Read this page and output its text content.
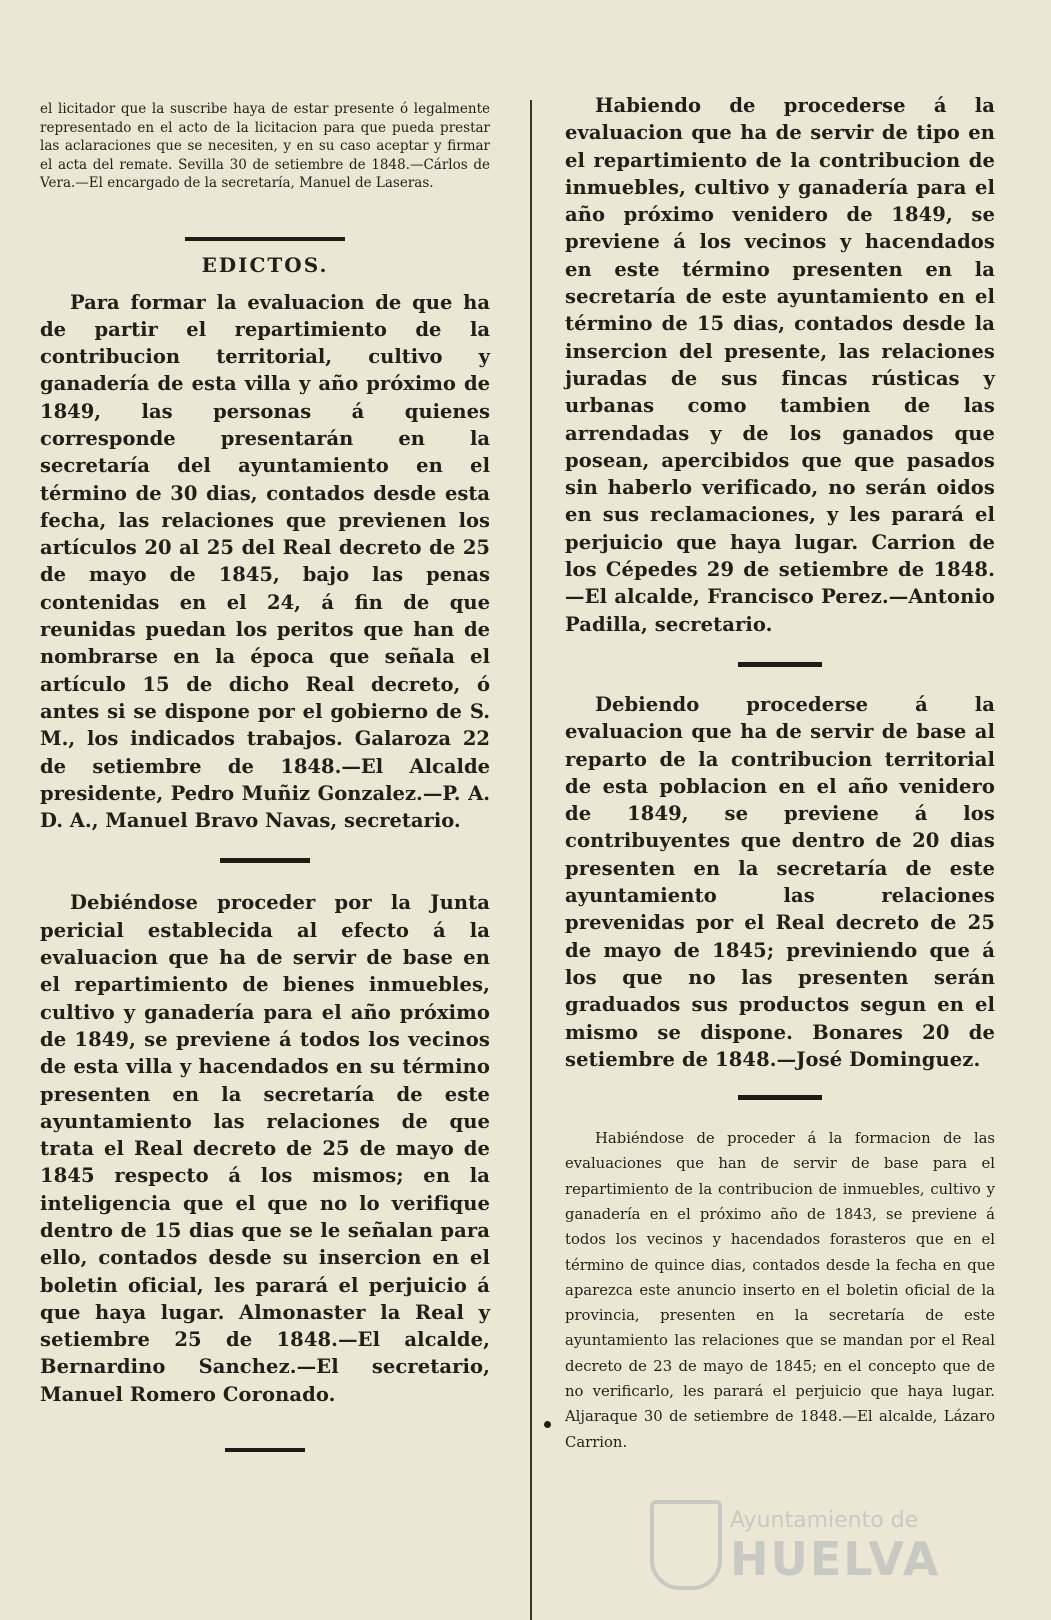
el licitador que la suscribe haya de estar presente ó legalmente representado en el acto de la licitacion para que pueda prestar las aclaraciones que se necesiten, y en su caso aceptar y firmar el acta del remate. Sevilla 30 de setiembre de 1848.—Cárlos de Vera.—El encargado de la secretaría, Manuel de Laseras.

EDICTOS.

Para formar la evaluacion de que ha de partir el repartimiento de la contribucion territorial, cultivo y ganadería de esta villa y año próximo de 1849, las personas á quienes corresponde presentarán en la secretaría del ayuntamiento en el término de 30 dias, contados desde esta fecha, las relaciones que previenen los artículos 20 al 25 del Real decreto de 25 de mayo de 1845, bajo las penas contenidas en el 24, á fin de que reunidas puedan los peritos que han de nombrarse en la época que señala el artículo 15 de dicho Real decreto, ó antes si se dispone por el gobierno de S. M., los indicados trabajos. Galaroza 22 de setiembre de 1848.—El Alcalde presidente, Pedro Muñiz Gonzalez.—P. A. D. A., Manuel Bravo Navas, secretario.

Debiéndose proceder por la Junta pericial establecida al efecto á la evaluacion que ha de servir de base en el repartimiento de bienes inmuebles, cultivo y ganadería para el año próximo de 1849, se previene á todos los vecinos de esta villa y hacendados en su término presenten en la secretaría de este ayuntamiento las relaciones de que trata el Real decreto de 25 de mayo de 1845 respecto á los mismos; en la inteligencia que el que no lo verifique dentro de 15 dias que se le señalan para ello, contados desde su insercion en el boletin oficial, les parará el perjuicio á que haya lugar. Almonaster la Real y setiembre 25 de 1848.—El alcalde, Bernardino Sanchez.—El secretario, Manuel Romero Coronado.

Habiendo de procederse á la evaluacion que ha de servir de tipo en el repartimiento de la contribucion de inmuebles, cultivo y ganadería para el año próximo venidero de 1849, se previene á los vecinos y hacendados en este término presenten en la secretaría de este ayuntamiento en el término de 15 dias, contados desde la insercion del presente, las relaciones juradas de sus fincas rústicas y urbanas como tambien de las arrendadas y de los ganados que posean, apercibidos que que pasados sin haberlo verificado, no serán oidos en sus reclamaciones, y les parará el perjuicio que haya lugar. Carrion de los Cépedes 29 de setiembre de 1848.—El alcalde, Francisco Perez.—Antonio Padilla, secretario.

Debiendo procederse á la evaluacion que ha de servir de base al reparto de la contribucion territorial de esta poblacion en el año venidero de 1849, se previene á los contribuyentes que dentro de 20 dias presenten en la secretaría de este ayuntamiento las relaciones prevenidas por el Real decreto de 25 de mayo de 1845; previniendo que á los que no las presenten serán graduados sus productos segun en el mismo se dispone. Bonares 20 de setiembre de 1848.—José Dominguez.

Habiéndose de proceder á la formacion de las evaluaciones que han de servir de base para el repartimiento de la contribucion de inmuebles, cultivo y ganadería en el próximo año de 1843, se previene á todos los vecinos y hacendados forasteros que en el término de quince dias, contados desde la fecha en que aparezca este anuncio inserto en el boletin oficial de la provincia, presenten en la secretaría de este ayuntamiento las relaciones que se mandan por el Real decreto de 23 de mayo de 1845; en el concepto que de no verificarlo, les parará el perjuicio que haya lugar. Aljaraque 30 de setiembre de 1848.—El alcalde, Lázaro Carrion.

Ayuntamiento de
HUELVA
